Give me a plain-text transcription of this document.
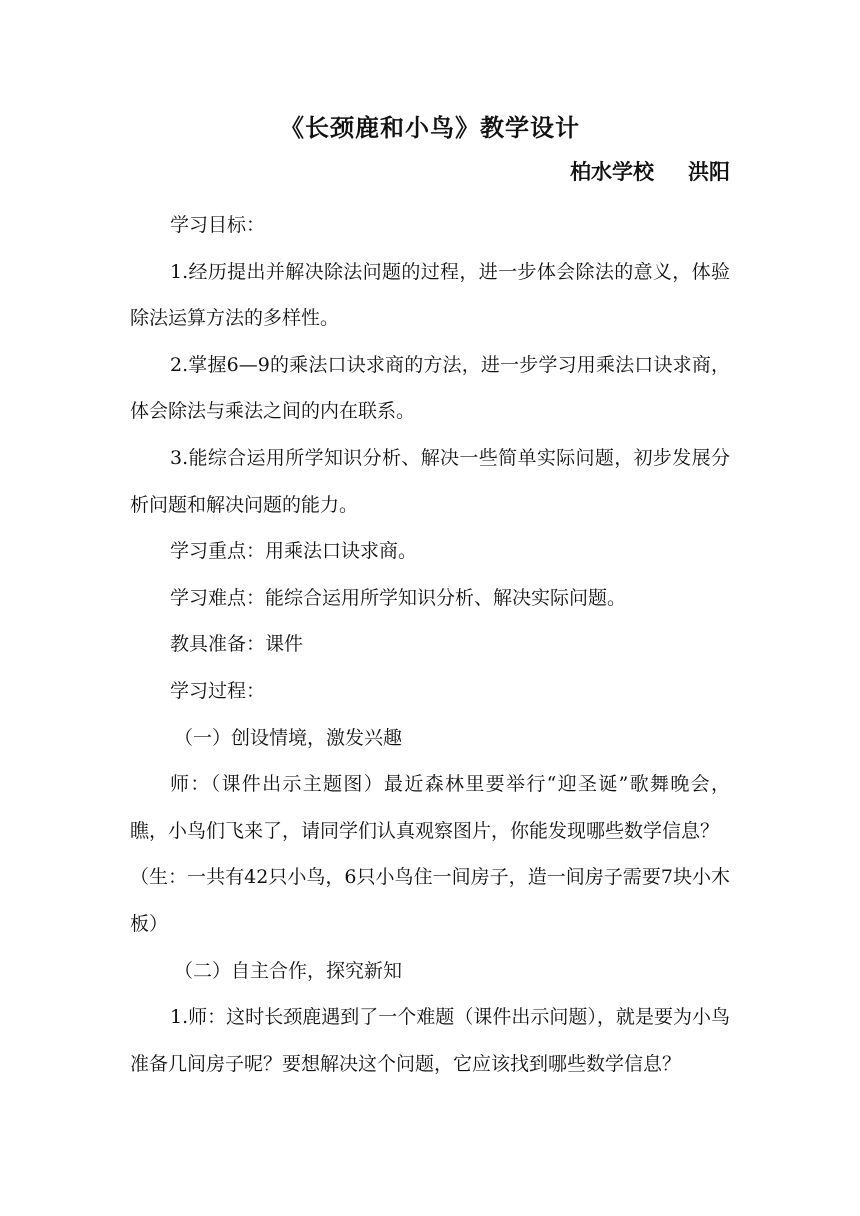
《长颈鹿和小鸟》教学设计
柏水学校 洪阳

学习目标：

1.经历提出并解决除法问题的过程，进一步体会除法的意义，体验除法运算方法的多样性。

2.掌握6—9的乘法口诀求商的方法，进一步学习用乘法口诀求商，体会除法与乘法之间的内在联系。

3.能综合运用所学知识分析、解决一些简单实际问题，初步发展分析问题和解决问题的能力。

学习重点：用乘法口诀求商。

学习难点：能综合运用所学知识分析、解决实际问题。

教具准备：课件

学习过程：

（一）创设情境，激发兴趣

师：（课件出示主题图）最近森林里要举行“迎圣诞”歌舞晚会，瞧，小鸟们飞来了，请同学们认真观察图片，你能发现哪些数学信息？

（生：一共有42只小鸟，6只小鸟住一间房子，造一间房子需要7块小木板）

（二）自主合作，探究新知

1.师：这时长颈鹿遇到了一个难题（课件出示问题），就是要为小鸟准备几间房子呢？要想解决这个问题，它应该找到哪些数学信息？
